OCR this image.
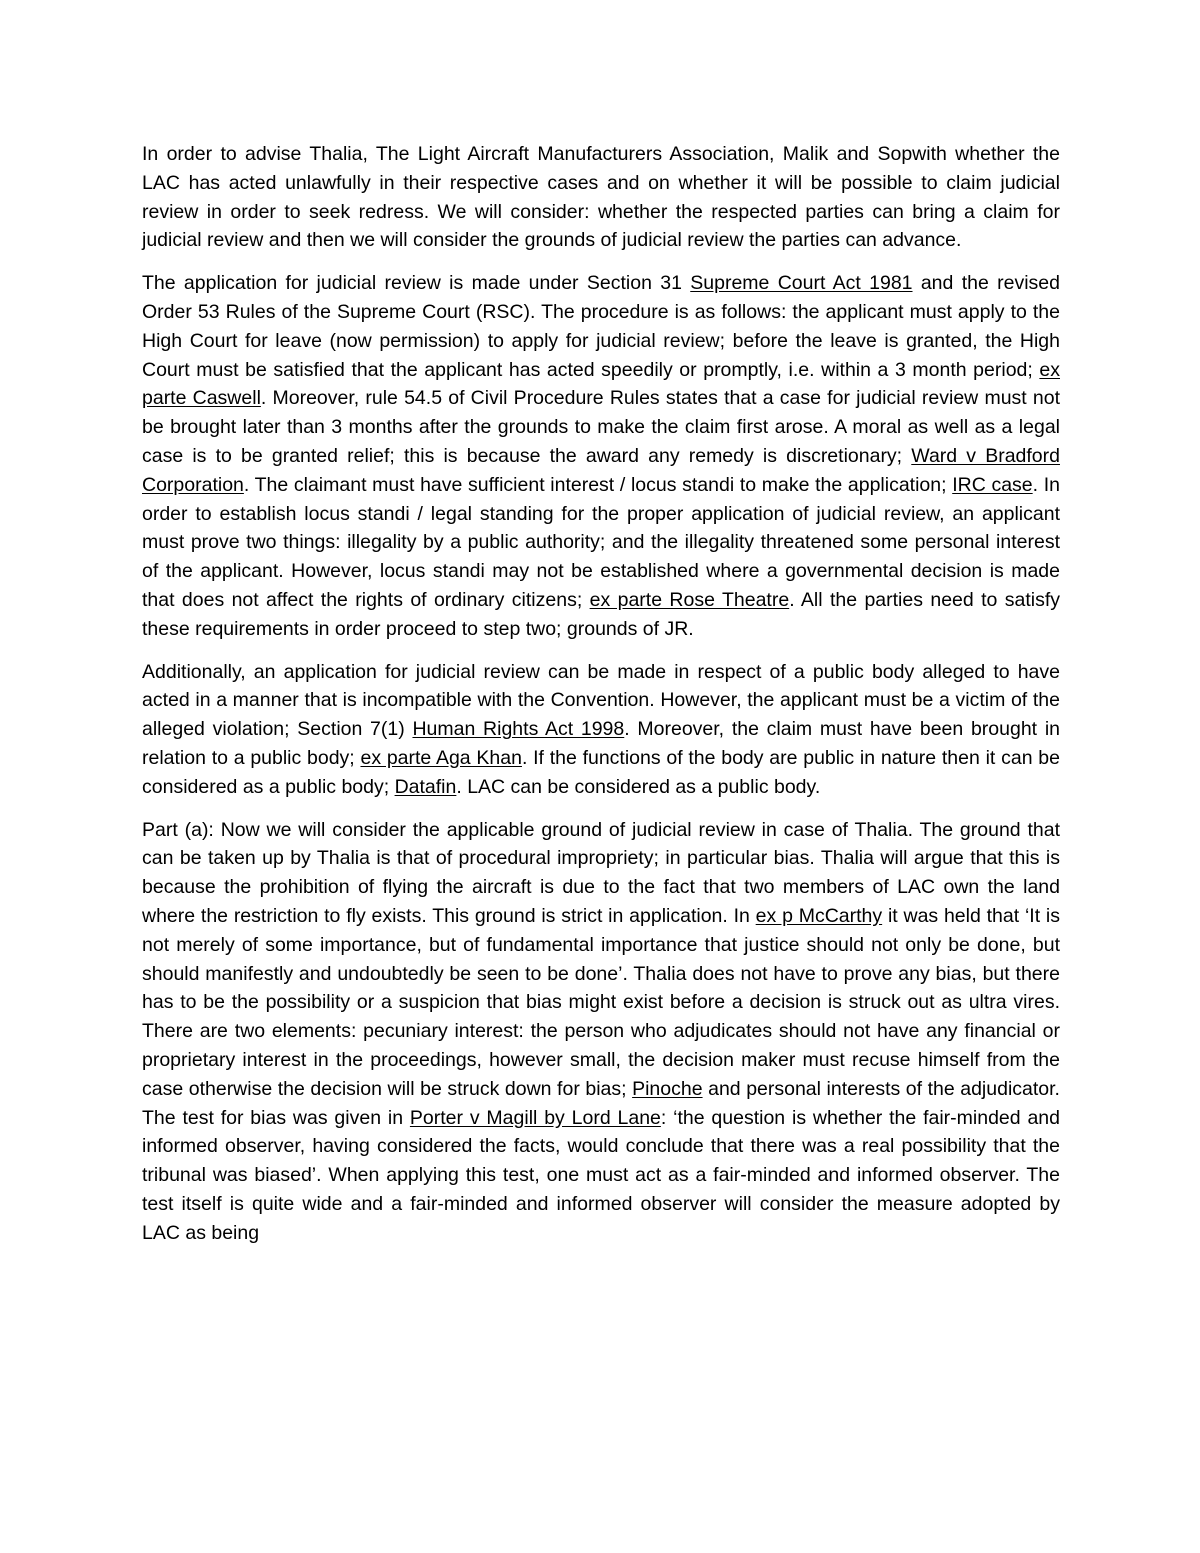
In order to advise Thalia, The Light Aircraft Manufacturers Association, Malik and Sopwith whether the LAC has acted unlawfully in their respective cases and on whether it will be possible to claim judicial review in order to seek redress. We will consider: whether the respected parties can bring a claim for judicial review and then we will consider the grounds of judicial review the parties can advance.

The application for judicial review is made under Section 31 Supreme Court Act 1981 and the revised Order 53 Rules of the Supreme Court (RSC). The procedure is as follows: the applicant must apply to the High Court for leave (now permission) to apply for judicial review; before the leave is granted, the High Court must be satisfied that the applicant has acted speedily or promptly, i.e. within a 3 month period; ex parte Caswell. Moreover, rule 54.5 of Civil Procedure Rules states that a case for judicial review must not be brought later than 3 months after the grounds to make the claim first arose. A moral as well as a legal case is to be granted relief; this is because the award any remedy is discretionary; Ward v Bradford Corporation. The claimant must have sufficient interest / locus standi to make the application; IRC case. In order to establish locus standi / legal standing for the proper application of judicial review, an applicant must prove two things: illegality by a public authority; and the illegality threatened some personal interest of the applicant. However, locus standi may not be established where a governmental decision is made that does not affect the rights of ordinary citizens; ex parte Rose Theatre. All the parties need to satisfy these requirements in order proceed to step two; grounds of JR.

Additionally, an application for judicial review can be made in respect of a public body alleged to have acted in a manner that is incompatible with the Convention. However, the applicant must be a victim of the alleged violation; Section 7(1) Human Rights Act 1998. Moreover, the claim must have been brought in relation to a public body; ex parte Aga Khan. If the functions of the body are public in nature then it can be considered as a public body; Datafin. LAC can be considered as a public body.

Part (a): Now we will consider the applicable ground of judicial review in case of Thalia. The ground that can be taken up by Thalia is that of procedural impropriety; in particular bias. Thalia will argue that this is because the prohibition of flying the aircraft is due to the fact that two members of LAC own the land where the restriction to fly exists. This ground is strict in application. In ex p McCarthy it was held that ‘It is not merely of some importance, but of fundamental importance that justice should not only be done, but should manifestly and undoubtedly be seen to be done’. Thalia does not have to prove any bias, but there has to be the possibility or a suspicion that bias might exist before a decision is struck out as ultra vires. There are two elements: pecuniary interest: the person who adjudicates should not have any financial or proprietary interest in the proceedings, however small, the decision maker must recuse himself from the case otherwise the decision will be struck down for bias; Pinoche and personal interests of the adjudicator. The test for bias was given in Porter v Magill by Lord Lane: ‘the question is whether the fair-minded and informed observer, having considered the facts, would conclude that there was a real possibility that the tribunal was biased’. When applying this test, one must act as a fair-minded and informed observer. The test itself is quite wide and a fair-minded and informed observer will consider the measure adopted by LAC as being
